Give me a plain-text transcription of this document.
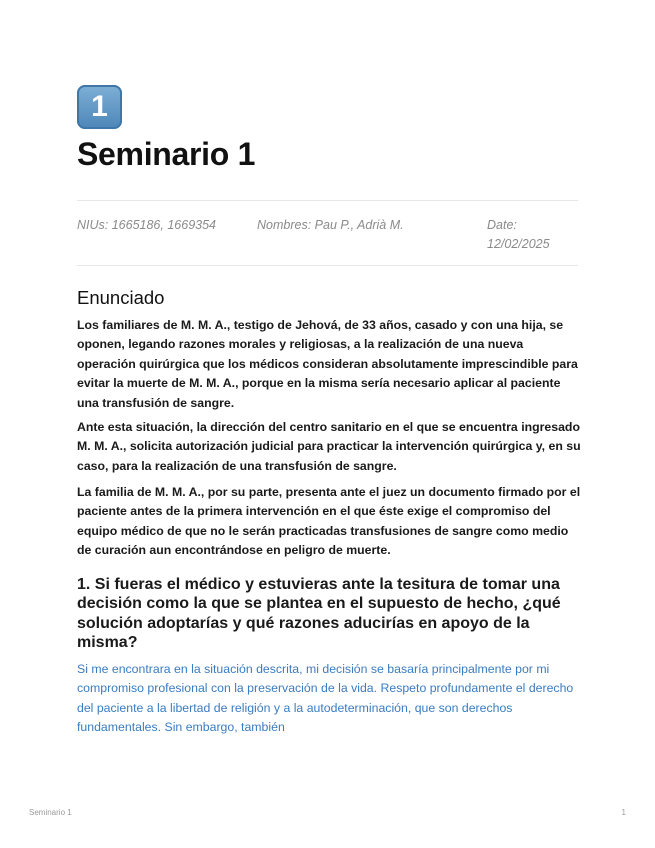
1
Seminario 1
NIUs: 1665186, 1669354	Nombres: Pau P., Adrià M.	Date:
12/02/2025
Enunciado

Los familiares de M. M. A., testigo de Jehová, de 33 años, casado y con una hija, se oponen, legando razones morales y religiosas, a la realización de una nueva operación quirúrgica que los médicos consideran absolutamente imprescindible para evitar la muerte de M. M. A., porque en la misma sería necesario aplicar al paciente una transfusión de sangre.

Ante esta situación, la dirección del centro sanitario en el que se encuentra ingresado M. M. A., solicita autorización judicial para practicar la intervención quirúrgica y, en su caso, para la realización de una transfusión de sangre.

La familia de M. M. A., por su parte, presenta ante el juez un documento firmado por el paciente antes de la primera intervención en el que éste exige el compromiso del equipo médico de que no le serán practicadas transfusiones de sangre como medio de curación aun encontrándose en peligro de muerte.

1. Si fueras el médico y estuvieras ante la tesitura de tomar una decisión como la que se plantea en el supuesto de hecho, ¿qué solución adoptarías y qué razones aducirías en apoyo de la misma?

Si me encontrara en la situación descrita, mi decisión se basaría principalmente por mi compromiso profesional con la preservación de la vida. Respeto profundamente el derecho del paciente a la libertad de religión y a la autodeterminación, que son derechos fundamentales. Sin embargo, también

Seminario 1	1
